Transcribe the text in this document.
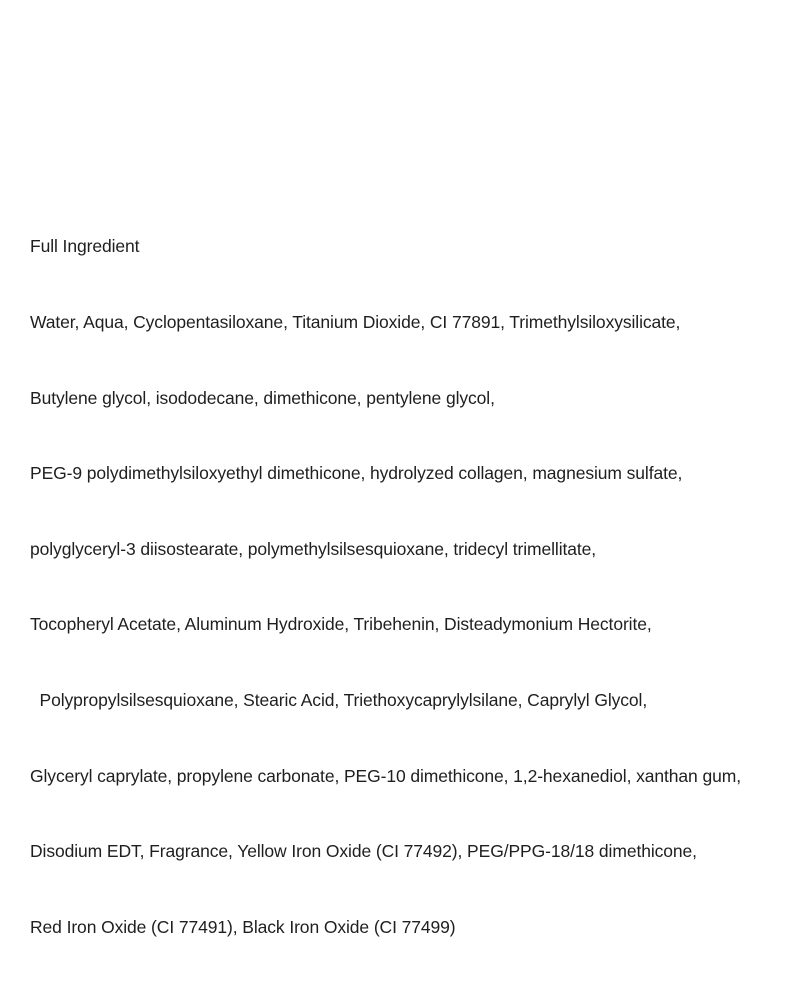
Full Ingredient

Water, Aqua, Cyclopentasiloxane, Titanium Dioxide, CI 77891, Trimethylsiloxysilicate,

Butylene glycol, isododecane, dimethicone, pentylene glycol,

PEG-9 polydimethylsiloxyethyl dimethicone, hydrolyzed collagen, magnesium sulfate,

polyglyceryl-3 diisostearate, polymethylsilsesquioxane, tridecyl trimellitate,

Tocopheryl Acetate, Aluminum Hydroxide, Tribehenin, Disteadymonium Hectorite,

Polypropylsilsesquioxane, Stearic Acid, Triethoxycaprylylsilane, Caprylyl Glycol,

Glyceryl caprylate, propylene carbonate, PEG-10 dimethicone, 1,2-hexanediol, xanthan gum,

Disodium EDT, Fragrance, Yellow Iron Oxide (CI 77492), PEG/PPG-18/18 dimethicone,

Red Iron Oxide (CI 77491), Black Iron Oxide (CI 77499)
